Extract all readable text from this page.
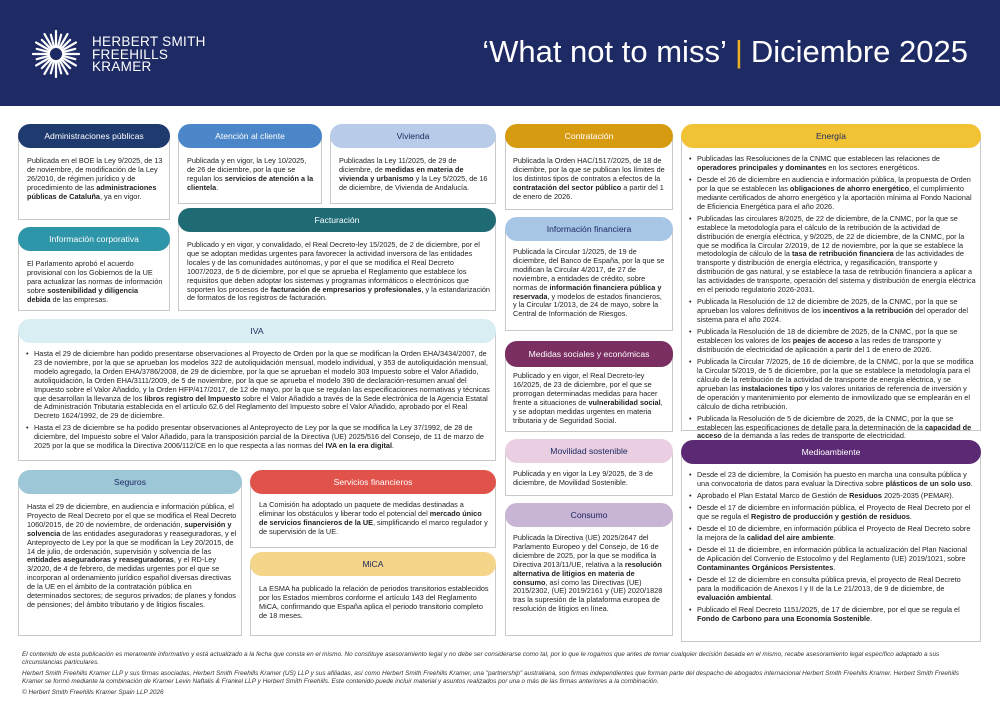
HERBERT SMITH
FREEHILLS
KRAMER	‘What not to miss’ | Diciembre 2025
Administraciones públicas
Publicada en el BOE la Ley 9/2025, de 13 de noviembre, de modificación de la Ley 26/2010, de régimen jurídico y de procedimiento de las administraciones públicas de Cataluña, ya en vigor.
Atención al cliente
Publicada y en vigor, la Ley 10/2025, de 26 de diciembre, por la que se regulan los servicios de atención a la clientela.
Vivienda
Publicadas la Ley 11/2025, de 29 de diciembre, de medidas en materia de vivienda y urbanismo y la Ley 5/2025, de 16 de diciembre, de Vivienda de Andalucía.
Contratación
Publicada la Orden HAC/1517/2025, de 18 de diciembre, por la que se publican los límites de los distintos tipos de contratos a efectos de la contratación del sector público a partir del 1 de enero de 2026.
Energía
• Publicadas las Resoluciones de la CNMC que establecen las relaciones de operadores principales y dominantes en los sectores energéticos.
• Desde el 26 de diciembre en audiencia e información pública, la propuesta de Orden por la que se establecen las obligaciones de ahorro energético, el cumplimiento mediante certificados de ahorro energético y la aportación mínima al Fondo Nacional de Eficiencia Energética para el año 2026.
• Publicadas las circulares 8/2025, de 22 de diciembre, de la CNMC, por la que se establece la metodología para el cálculo de la retribución de la actividad de distribución de energía eléctrica, y 9/2025, de 22 de diciembre, de la CNMC, por la que se modifica la Circular 2/2019, de 12 de noviembre, por la que se establece la metodología de cálculo de la tasa de retribución financiera de las actividades de transporte y distribución de energía eléctrica, y regasificación, transporte y distribución de gas natural, y se establece la tasa de retribución financiera a aplicar a las actividades de transporte, operación del sistema y distribución de energía eléctrica en el periodo regulatorio 2026-2031.
• Publicada la Resolución de 12 de diciembre de 2025, de la CNMC, por la que se aprueban los valores definitivos de los incentivos a la retribución del operador del sistema para el año 2024.
• Publicada la Resolución de 18 de diciembre de 2025, de la CNMC, por la que se establecen los valores de los peajes de acceso a las redes de transporte y distribución de electricidad de aplicación a partir del 1 de enero de 2026.
• Publicada la Circular 7/2025, de 16 de diciembre, de la CNMC, por la que se modifica la Circular 5/2019, de 5 de diciembre, por la que se establece la metodología para el cálculo de la retribución de la actividad de transporte de energía eléctrica, y se aprueban las instalaciones tipo y los valores unitarios de referencia de inversión y de operación y mantenimiento por elemento de inmovilizado que se emplearán en el cálculo de dicha retribución.
• Publicada la Resolución de 5 de diciembre de 2025, de la CNMC, por la que se establecen las especificaciones de detalle para la determinación de la capacidad de acceso de la demanda a las redes de transporte de electricidad.
Información corporativa
El Parlamento aprobó el acuerdo provisional con los Gobiernos de la UE para actualizar las normas de información sobre sostenibilidad y diligencia debida de las empresas.
Facturación
Publicado y en vigor, y convalidado, el Real Decreto-ley 15/2025, de 2 de diciembre, por el que se adoptan medidas urgentes para favorecer la actividad inversora de las entidades locales y de las comunidades autónomas, y por el que se modifica el Real Decreto 1007/2023, de 5 de diciembre, por el que se aprueba el Reglamento que establece los requisitos que deben adoptar los sistemas y programas informáticos o electrónicos que soporten los procesos de facturación de empresarios y profesionales, y la estandarización de formatos de los registros de facturación.
Información financiera
Publicada la Circular 1/2025, de 19 de diciembre, del Banco de España, por la que se modifican la Circular 4/2017, de 27 de noviembre, a entidades de crédito, sobre normas de información financiera pública y reservada, y modelos de estados financieros, y la Circular 1/2013, de 24 de mayo, sobre la Central de Información de Riesgos.
IVA
• Hasta el 29 de diciembre han podido presentarse observaciones al Proyecto de Orden por la que se modifican la Orden EHA/3434/2007, de 23 de noviembre, por la que se aprueban los modelos 322 de autoliquidación mensual, modelo individual, y 353 de autoliquidación mensual, modelo agregado, la Orden EHA/3786/2008, de 29 de diciembre, por la que se aprueban el modelo 303 Impuesto sobre el Valor Añadido, autoliquidación, la Orden EHA/3111/2009, de 5 de noviembre, por la que se aprueba el modelo 390 de declaración-resumen anual del Impuesto sobre el Valor Añadido, y la Orden HFP/417/2017, de 12 de mayo, por la que se regulan las especificaciones normativas y técnicas que desarrollan la llevanza de los libros registro del Impuesto sobre el Valor Añadido a través de la Sede electrónica de la Agencia Estatal de Administración Tributaria establecida en el artículo 62.6 del Reglamento del Impuesto sobre el Valor Añadido, aprobado por el Real Decreto 1624/1992, de 29 de diciembre.
• Hasta el 23 de diciembre se ha podido presentar observaciones al Anteproyecto de Ley por la que se modifica la Ley 37/1992, de 28 de diciembre, del Impuesto sobre el Valor Añadido, para la transposición parcial de la Directiva (UE) 2025/516 del Consejo, de 11 de marzo de 2025 por la que se modifica la Directiva 2006/112/CE en lo que respecta a las normas del IVA en la era digital.
Medidas sociales y económicas
Publicado y en vigor, el Real Decreto-ley 16/2025, de 23 de diciembre, por el que se prorrogan determinadas medidas para hacer frente a situaciones de vulnerabilidad social, y se adoptan medidas urgentes en materia tributaria y de Seguridad Social.
Movilidad sostenible
Publicada y en vigor la Ley 9/2025, de 3 de diciembre, de Movilidad Sostenible.
Medioambiente
• Desde el 23 de diciembre, la Comisión ha puesto en marcha una consulta pública y una convocatoria de datos para evaluar la Directiva sobre plásticos de un solo uso.
• Aprobado el Plan Estatal Marco de Gestión de Residuos 2025-2035 (PEMAR).
• Desde el 17 de diciembre en información pública, el Proyecto de Real Decreto por el que se regula el Registro de producción y gestión de residuos.
• Desde el 10 de diciembre, en información pública el Proyecto de Real Decreto sobre la mejora de la calidad del aire ambiente.
• Desde el 11 de diciembre, en información pública la actualización del Plan Nacional de Aplicación del Convenio de Estocolmo y del Reglamento (UE) 2019/1021, sobre Contaminantes Orgánicos Persistentes.
• Desde el 12 de diciembre en consulta pública previa, el proyecto de Real Decreto para la modificación de Anexos I y II de la Le 21/2013, de 9 de diciembre, de evaluación ambiental.
• Publicado el Real Decreto 1151/2025, de 17 de diciembre, por el que se regula el Fondo de Carbono para una Economía Sostenible.
Seguros
Hasta el 29 de diciembre, en audiencia e información pública, el Proyecto de Real Decreto por el que se modifica el Real Decreto 1060/2015, de 20 de noviembre, de ordenación, supervisión y solvencia de las entidades aseguradoras y reaseguradoras, y el Anteproyecto de Ley por la que se modifican la Ley 20/2015, de 14 de julio, de ordenación, supervisión y solvencia de las entidades aseguradoras y reaseguradoras, y el RD-Ley 3/2020, de 4 de febrero, de medidas urgentes por el que se incorporan al ordenamiento jurídico español diversas directivas de la UE en el ámbito de la contratación pública en determinados sectores; de seguros privados; de planes y fondos de pensiones; del ámbito tributario y de litigios fiscales.
Servicios financieros
La Comisión ha adoptado un paquete de medidas destinadas a eliminar los obstáculos y liberar todo el potencial del mercado único de servicios financieros de la UE, simplificando el marco regulador y de supervisión de la UE.
MiCA
La ESMA ha publicado la relación de periodos transitorios establecidos por los Estados miembros conforme el artículo 143 del Reglamento MiCA, confirmando que España aplica el periodo transitorio completo de 18 meses.
Consumo
Publicada la Directiva (UE) 2025/2647 del Parlamento Europeo y del Consejo, de 16 de diciembre de 2025, por la que se modifica la Directiva 2013/11/UE, relativa a la resolución alternativa de litigios en materia de consumo, así como las Directivas (UE) 2015/2302, (UE) 2019/2161 y (UE) 2020/1828 tras la supresión de la plataforma europea de resolución de litigios en línea.

El contenido de esta publicación es meramente informativo y está actualizado a la fecha que consta en el mismo. No constituye asesoramiento legal y no debe ser considerarse como tal, por lo que le rogamos que antes de tomar cualquier decisión basada en el mismo, recabe asesoramiento legal específico adaptado a sus circunstancias particulares.

Herbert Smith Freehills Kramer LLP y sus firmas asociadas, Herbert Smith Freehills Kramer (US) LLP y sus afiliadas, así como Herbert Smith Freehills Kramer, una "partnership" australiana, son firmas independientes que forman parte del despacho de abogados internacional Herbert Smith Freehills Kramer. Herbert Smith Freehills Kramer se formó mediante la combinación de Kramer Levin Naftalis & Frankel LLP y Herbert Smith Freehills. Este contenido puede incluir material y asuntos realizados por una o más de las firmas anteriores a la combinación.

© Herbert Smith Freehills Kramer Spain LLP 2026
